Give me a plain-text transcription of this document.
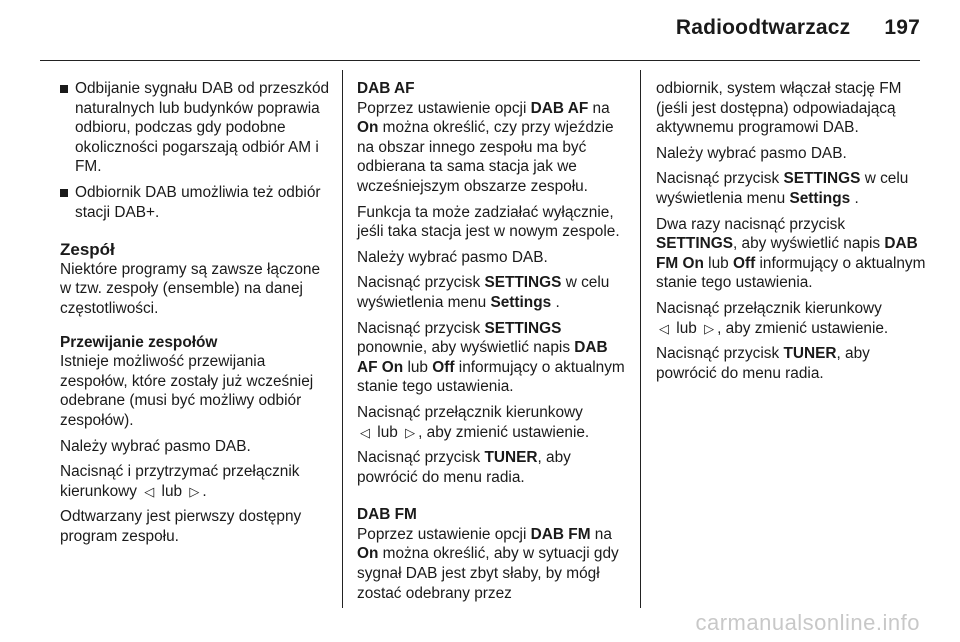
Radioodtwarzacz 197
Odbijanie sygnału DAB od przeszkód naturalnych lub budynków poprawia odbioru, podczas gdy podobne okoliczności pogarszają odbiór AM i FM.
Odbiornik DAB umożliwia też odbiór stacji DAB+.
Zespół

Niektóre programy są zawsze łączone w tzw. zespoły (ensemble) na danej częstotliwości.

Przewijanie zespołów

Istnieje możliwość przewijania zespołów, które zostały już wcześniej odebrane (musi być możliwy odbiór zespołów).

Należy wybrać pasmo DAB.

Nacisnąć i przytrzymać przełącznik kierunkowy ◁ lub ▷ .

Odtwarzany jest pierwszy dostępny program zespołu.

DAB AF

Poprzez ustawienie opcji DAB AF na On można określić, czy przy wjeździe na obszar innego zespołu ma być odbierana ta sama stacja jak we wcześniejszym obszarze zespołu.

Funkcja ta może zadziałać wyłącznie, jeśli taka stacja jest w nowym zespole.

Należy wybrać pasmo DAB.

Nacisnąć przycisk SETTINGS w celu wyświetlenia menu Settings .

Nacisnąć przycisk SETTINGS ponownie, aby wyświetlić napis DAB AF On lub Off informujący o aktualnym stanie tego ustawienia.

Nacisnąć przełącznik kierunkowy
◁ lub ▷ , aby zmienić ustawienie.

Nacisnąć przycisk TUNER, aby powrócić do menu radia.

DAB FM

Poprzez ustawienie opcji DAB FM na On można określić, aby w sytuacji gdy sygnał DAB jest zbyt słaby, by mógł zostać odebrany przez

odbiornik, system włączał stację FM (jeśli jest dostępna) odpowiadającą aktywnemu programowi DAB.

Należy wybrać pasmo DAB.

Nacisnąć przycisk SETTINGS w celu wyświetlenia menu Settings .

Dwa razy nacisnąć przycisk SETTINGS, aby wyświetlić napis DAB FM On lub Off informujący o aktualnym stanie tego ustawienia.

Nacisnąć przełącznik kierunkowy
◁ lub ▷ , aby zmienić ustawienie.

Nacisnąć przycisk TUNER, aby powrócić do menu radia.

carmanualsonline.info
